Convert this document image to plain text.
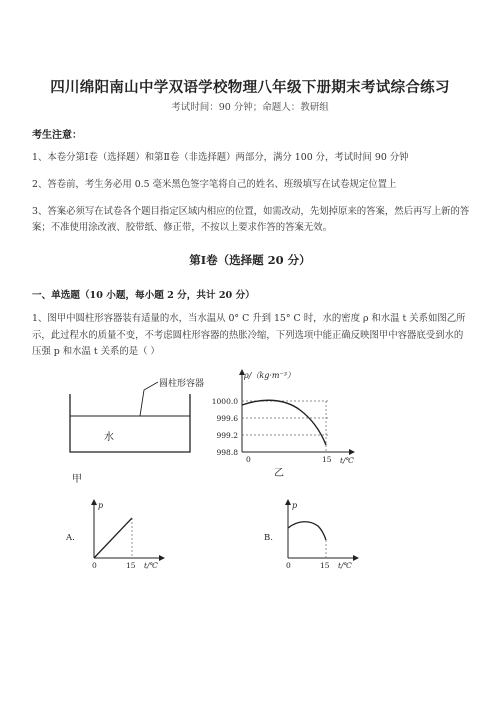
四川绵阳南山中学双语学校物理八年级下册期末考试综合练习
考试时间：90 分钟；命题人：教研组
考生注意：
1、本卷分第Ⅰ卷（选择题）和第Ⅱ卷（非选择题）两部分，满分 100 分，考试时间 90 分钟
2、答卷前，考生务必用 0.5 毫米黑色签字笔将自己的姓名、班级填写在试卷规定位置上
3、答案必须写在试卷各个题目指定区域内相应的位置，如需改动，先划掉原来的答案，然后再写上新的答案；不准使用涂改液、胶带纸、修正带，不按以上要求作答的答案无效。
第Ⅰ卷（选择题 20 分）
一、单选题（10 小题，每小题 2 分，共计 20 分）
1、图甲中圆柱形容器装有适量的水，当水温从 0° C 升到 15° C 时，水的密度 ρ 和水温 t 关系如图乙所示，此过程水的质量不变，不考虑圆柱形容器的热胀冷缩，下列选项中能正确反映图甲中容器底受到水的压强 p 和水温 t 关系的是（ ）
圆柱形容器
水
甲
ρ/（kg·m⁻³）
1000.0
999.6
999.2
998.8
0	15 t/℃
乙
A.
p
0	15 t/℃
B.
p
0	15 t/℃
